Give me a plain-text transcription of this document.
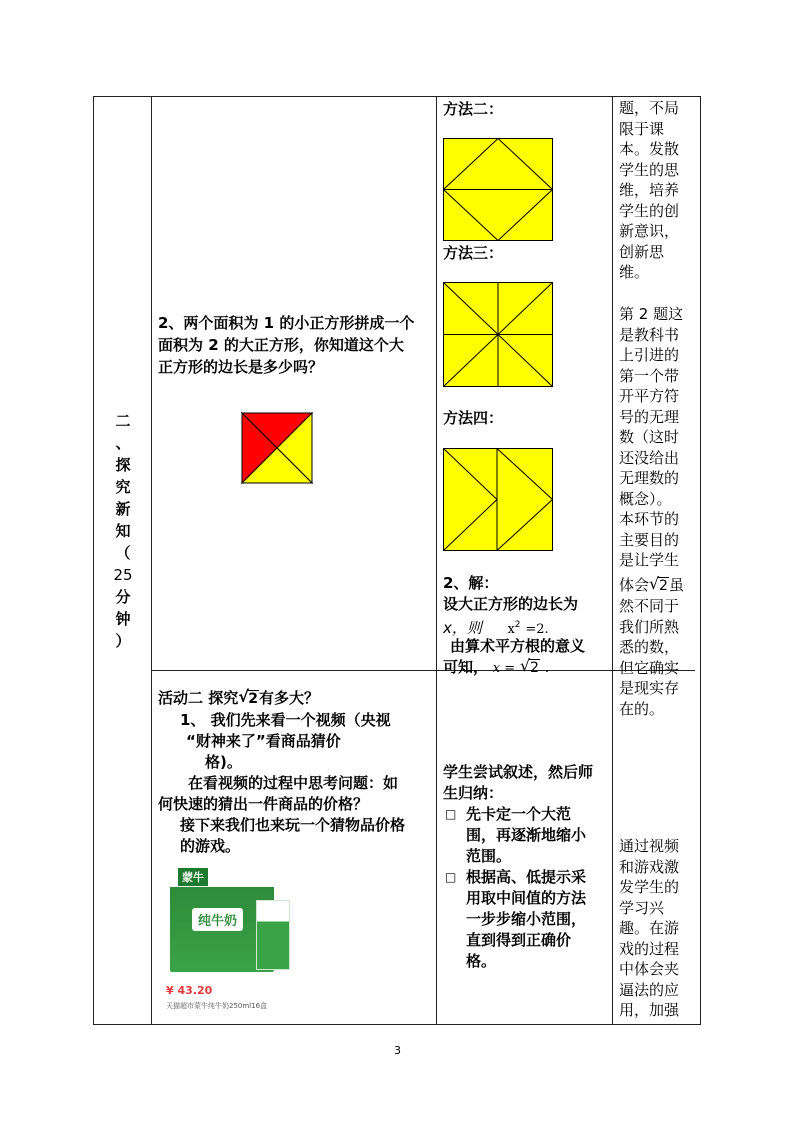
二
、
探
究
新
知
（
25
分
钟
）
2、两个面积为 1 的小正方形拼成一个
面积为 2 的大正方形，你知道这个大
正方形的边长是多少吗？
方法二：
方法三：
方法四：
2、解：
设大正方形的边长为
x，则 $x^2 =2$.
由算术平方根的意义
可知， x = √ 2 .
活动二 探究 √ 2有多大？
1、 我们先来看一个视频（央视
“财神来了”看商品猜价
格)。
在看视频的过程中思考问题：如
何快速的猜出一件商品的价格？
接下来我们也来玩一个猜物品价格
的游戏。
蒙牛
纯牛奶
¥ 43.20
天猫超市蒙牛纯牛奶250ml16盒
学生尝试叙述，然后师
生归纳：
□ 先卡定一个大范
围，再逐渐地缩小
范围。
□ 根据高、低提示采
用取中间值的方法
一步步缩小范围，
直到得到正确价
格。

题，不局

限于课

本。发散

学生的思

维，培养

学生的创

新意识，

创新思

维。

第 2 题这

是教科书

上引进的

第一个带

开平方符

号的无理

数（这时

还没给出

无理数的

概念）。

本环节的

主要目的

是让学生

体会 √ 2虽

然不同于

我们所熟

悉的数，

但它确实

是现实存

在的。

通过视频

和游戏激

发学生的

学习兴

趣。在游

戏的过程

中体会夹

逼法的应

用，加强

3
